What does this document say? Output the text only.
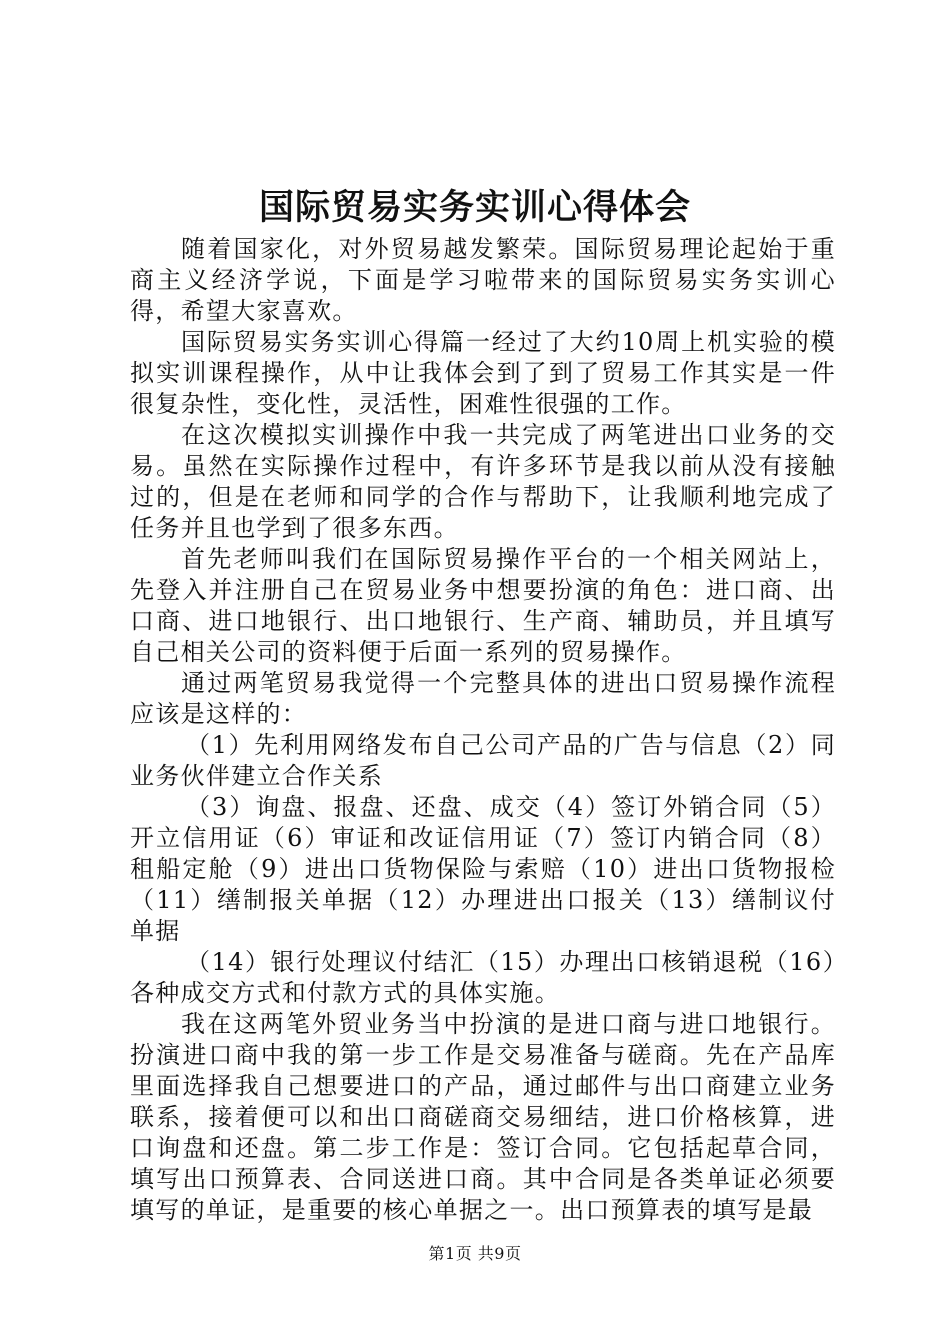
国际贸易实务实训心得体会

随着国家化，对外贸易越发繁荣。国际贸易理论起始于重商主义经济学说，下面是学习啦带来的国际贸易实务实训心得，希望大家喜欢。

国际贸易实务实训心得篇一经过了大约10周上机实验的模拟实训课程操作，从中让我体会到了到了贸易工作其实是一件很复杂性，变化性，灵活性，困难性很强的工作。

在这次模拟实训操作中我一共完成了两笔进出口业务的交易。虽然在实际操作过程中，有许多环节是我以前从没有接触过的，但是在老师和同学的合作与帮助下，让我顺利地完成了任务并且也学到了很多东西。

首先老师叫我们在国际贸易操作平台的一个相关网站上，先登入并注册自己在贸易业务中想要扮演的角色：进口商、出口商、进口地银行、出口地银行、生产商、辅助员，并且填写自己相关公司的资料便于后面一系列的贸易操作。

通过两笔贸易我觉得一个完整具体的进出口贸易操作流程应该是这样的：

（1）先利用网络发布自己公司产品的广告与信息（2）同业务伙伴建立合作关系

（3）询盘、报盘、还盘、成交（4）签订外销合同（5）开立信用证（6）审证和改证信用证（7）签订内销合同（8）租船定舱（9）进出口货物保险与索赔（10）进出口货物报检（11）缮制报关单据（12）办理进出口报关（13）缮制议付单据

（14）银行处理议付结汇（15）办理出口核销退税（16）各种成交方式和付款方式的具体实施。

我在这两笔外贸业务当中扮演的是进口商与进口地银行。扮演进口商中我的第一步工作是交易准备与磋商。先在产品库里面选择我自己想要进口的产品，通过邮件与出口商建立业务联系，接着便可以和出口商磋商交易细结，进口价格核算，进口询盘和还盘。第二步工作是：签订合同。它包括起草合同，填写出口预算表、合同送进口商。其中合同是各类单证必须要填写的单证，是重要的核心单据之一。出口预算表的填写是最

第1页 共9页
